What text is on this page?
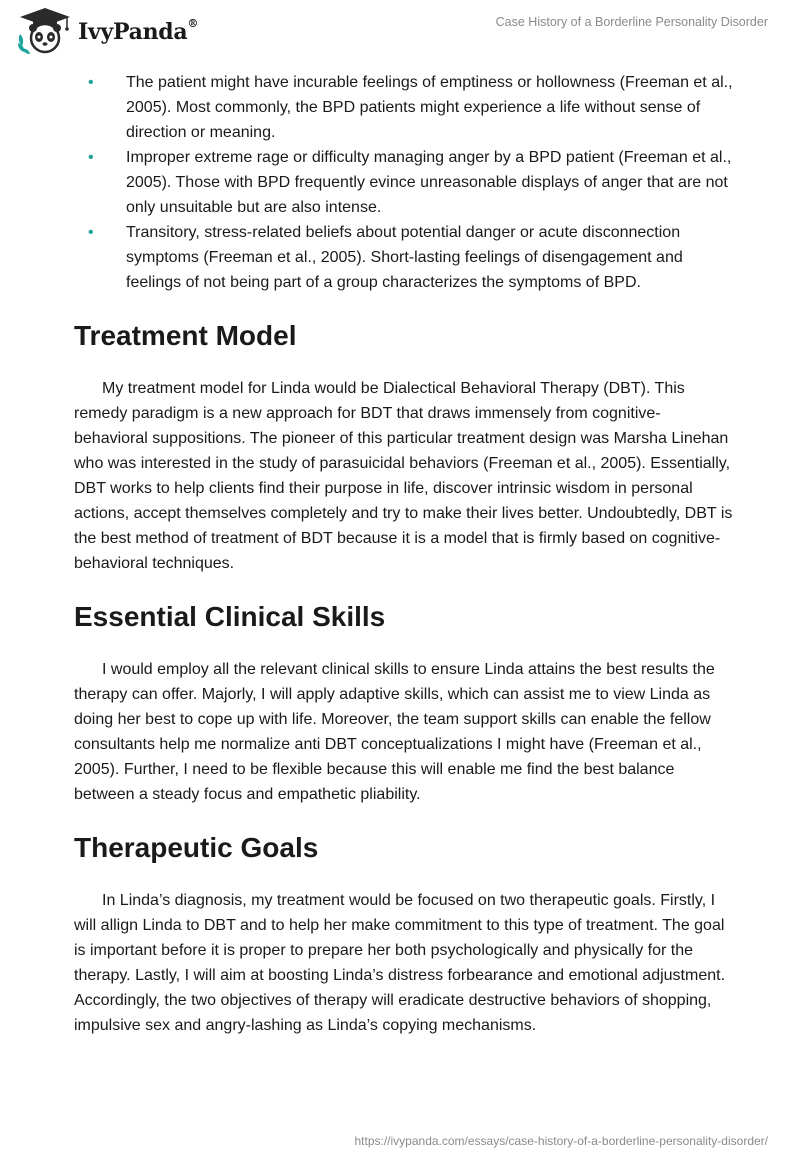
IvyPanda®	Case History of a Borderline Personality Disorder

• The patient might have incurable feelings of emptiness or hollowness (Freeman et al., 2005). Most commonly, the BPD patients might experience a life without sense of direction or meaning.
• Improper extreme rage or difficulty managing anger by a BPD patient (Freeman et al., 2005). Those with BPD frequently evince unreasonable displays of anger that are not only unsuitable but are also intense.
• Transitory, stress-related beliefs about potential danger or acute disconnection symptoms (Freeman et al., 2005). Short-lasting feelings of disengagement and feelings of not being part of a group characterizes the symptoms of BPD.
Treatment Model

My treatment model for Linda would be Dialectical Behavioral Therapy (DBT). This remedy paradigm is a new approach for BDT that draws immensely from cognitive-behavioral suppositions. The pioneer of this particular treatment design was Marsha Linehan who was interested in the study of parasuicidal behaviors (Freeman et al., 2005). Essentially, DBT works to help clients find their purpose in life, discover intrinsic wisdom in personal actions, accept themselves completely and try to make their lives better. Undoubtedly, DBT is the best method of treatment of BDT because it is a model that is firmly based on cognitive-behavioral techniques.

Essential Clinical Skills

I would employ all the relevant clinical skills to ensure Linda attains the best results the therapy can offer. Majorly, I will apply adaptive skills, which can assist me to view Linda as doing her best to cope up with life. Moreover, the team support skills can enable the fellow consultants help me normalize anti DBT conceptualizations I might have (Freeman et al., 2005). Further, I need to be flexible because this will enable me find the best balance between a steady focus and empathetic pliability.

Therapeutic Goals

In Linda’s diagnosis, my treatment would be focused on two therapeutic goals. Firstly, I will allign Linda to DBT and to help her make commitment to this type of treatment. The goal is important before it is proper to prepare her both psychologically and physically for the therapy. Lastly, I will aim at boosting Linda’s distress forbearance and emotional adjustment. Accordingly, the two objectives of therapy will eradicate destructive behaviors of shopping, impulsive sex and angry-lashing as Linda’s copying mechanisms.

https://ivypanda.com/essays/case-history-of-a-borderline-personality-disorder/
